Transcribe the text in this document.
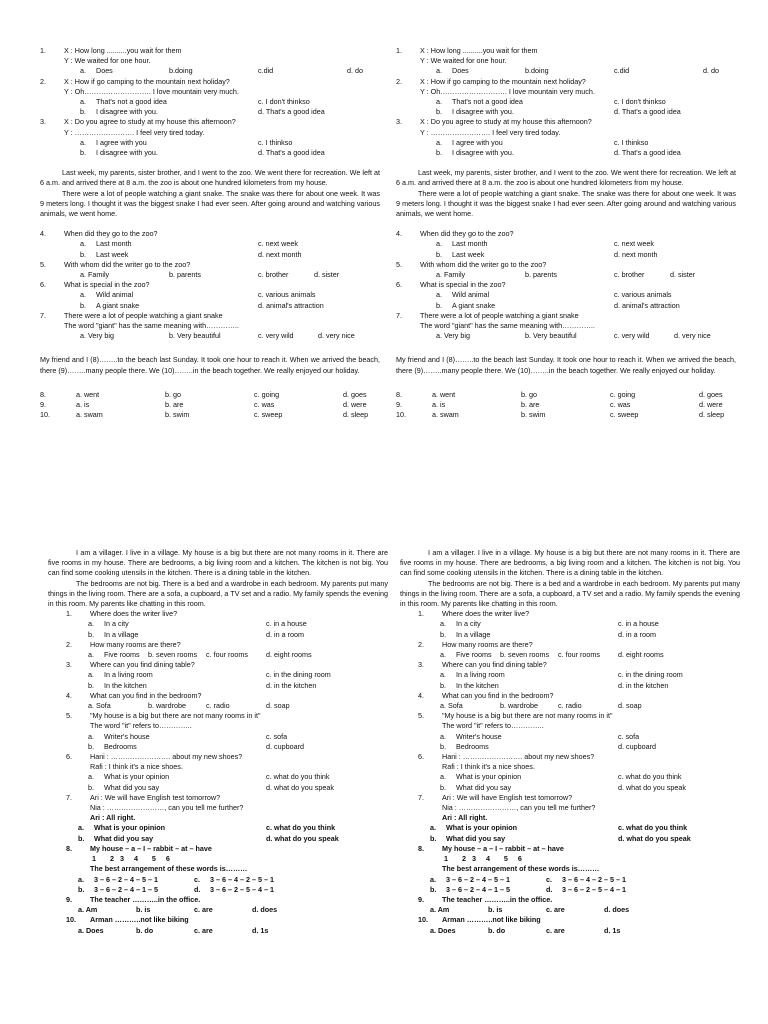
1.	X : How long ..........you wait for them
Y : We waited for one hour.
a.	Does	b.doing	c.did	d. do
2.	X : How if go camping to the mountain next holiday?
Y : Oh………………………. I love mountain very much.
a.	That's not a good idea	c. I don't thinkso
b.	I disagree with you.	d. That's a good idea
3.	X : Do you agree to study at my house this afternoon?
Y : ……………………. I feel very tired today.
a.	I agree with you	c. I thinkso
b.	I disagree with you.	d. That's a good idea
Last week, my parents, sister brother, and I went to the zoo. We went there for recreation. We left at 6 a.m. and arrived there at 8 a.m. the zoo is about one hundred kilometers from my house.
There were a lot of people watching a giant snake. The snake was there for about one week. It was 9 meters long. I thought it was the biggest snake I had ever seen. After going around and watching various animals, we went home.
4.	When did they go to the zoo?
a.	Last month	c. next week
b.	Last week	d. next month
5.	With whom did the writer go to the zoo?
a. Family	b. parents	c. brother	d. sister
6.	What is special in the zoo?
a.	Wild animal	c. various animals
b.	A giant snake	d. animal's attraction
7.	There were a lot of people watching a giant snake
The word "giant" has the same meaning with…………..
a. Very big	b. Very beautiful	c. very wild	d. very nice
My friend and I (8)……..to the beach last Sunday. It took one hour to reach it. When we arrived the beach, there (9)……..many people there. We (10)……..in the beach together. We really enjoyed our holiday.
8.	a. went	b. go	c. going	d. goes
9.	a. is	b. are	c. was	d. were
10.	a. swam	b. swim	c. sweep	d. sleep
1.	X : How long ..........you wait for them
Y : We waited for one hour.
a.	Does	b.doing	c.did	d. do
2.	X : How if go camping to the mountain next holiday?
Y : Oh………………………. I love mountain very much.
a.	That's not a good idea	c. I don't thinkso
b.	I disagree with you.	d. That's a good idea
3.	X : Do you agree to study at my house this afternoon?
Y : ……………………. I feel very tired today.
a.	I agree with you	c. I thinkso
b.	I disagree with you.	d. That's a good idea
Last week, my parents, sister brother, and I went to the zoo. We went there for recreation. We left at 6 a.m. and arrived there at 8 a.m. the zoo is about one hundred kilometers from my house.
There were a lot of people watching a giant snake. The snake was there for about one week. It was 9 meters long. I thought it was the biggest snake I had ever seen. After going around and watching various animals, we went home.
4.	When did they go to the zoo?
a.	Last month	c. next week
b.	Last week	d. next month
5.	With whom did the writer go to the zoo?
a. Family	b. parents	c. brother	d. sister
6.	What is special in the zoo?
a.	Wild animal	c. various animals
b.	A giant snake	d. animal's attraction
7.	There were a lot of people watching a giant snake
The word "giant" has the same meaning with…………..
a. Very big	b. Very beautiful	c. very wild	d. very nice
My friend and I (8)……..to the beach last Sunday. It took one hour to reach it. When we arrived the beach, there (9)……..many people there. We (10)……..in the beach together. We really enjoyed our holiday.
8.	a. went	b. go	c. going	d. goes
9.	a. is	b. are	c. was	d. were
10.	a. swam	b. swim	c. sweep	d. sleep
I am a villager. I live in a village. My house is a big but there are not many rooms in it. There are five rooms in my house. There are bedrooms, a big living room and a kitchen. The kitchen is not big. You can find some cooking utensils in the kitchen. There is a dining table in the kitchen.
The bedrooms are not big. There is a bed and a wardrobe in each bedroom. My parents put many things in the living room. There are a sofa, a cupboard, a TV set and a radio. My family spends the evening in this room. My parents like chatting in this room.
1.	Where does the writer live?
a.	In a city	c. in a house
b.	In a village	d. in a room
2.	How many rooms are there?
a.	Five rooms b. seven rooms	c. four rooms	d. eight rooms
3.	Where can you find dining table?
a.	In a living room	c. in the dining room
b.	In the kitchen	d. in the kitchen
4.	What can you find in the bedroom?
a. Sofa	b. wardrobe	c. radio	d. soap
5.	"My house is a big but there are not many rooms in it"
The word "it" refers to…………..
a.	Writer's house	c. sofa
b.	Bedrooms	d. cupboard
6.	Hani : ……………………. about my new shoes?
Rafi : I think it's a nice shoes.
a.	What is your opinion	c. what do you think
b.	What did you say	d. what do you speak
7.	Ari : We will have English test tomorrow?
Nia : ……………………, can you tell me further?
Ari : All right.
a.	What is your opinion	c. what do you think
b.	What did you say	d. what do you speak
8.	My house – a – I – rabbit – at – have
1       2   3     4       5     6
The best arrangement of these words is………
a.	3 – 6 – 2 – 4 – 5 – 1	c.	3 – 6 – 4 – 2 – 5 – 1
b.	3 – 6 – 2 – 4 – 1 – 5	d.	3 – 6 – 2 – 5 – 4 – 1
9.	The teacher ………..in the office.
a. Am	b. is	c. are	d. does
10.	Arman ………..not like biking
a. Does	b. do	c. are	d. 1s
I am a villager. I live in a village. My house is a big but there are not many rooms in it. There are five rooms in my house. There are bedrooms, a big living room and a kitchen. The kitchen is not big. You can find some cooking utensils in the kitchen. There is a dining table in the kitchen.
The bedrooms are not big. There is a bed and a wardrobe in each bedroom. My parents put many things in the living room. There are a sofa, a cupboard, a TV set and a radio. My family spends the evening in this room. My parents like chatting in this room.
1.	Where does the writer live?
a.	In a city	c. in a house
b.	In a village	d. in a room
2.	How many rooms are there?
a.	Five rooms b. seven rooms	c. four rooms	d. eight rooms
3.	Where can you find dining table?
a.	In a living room	c. in the dining room
b.	In the kitchen	d. in the kitchen
4.	What can you find in the bedroom?
a. Sofa	b. wardrobe	c. radio	d. soap
5.	"My house is a big but there are not many rooms in it"
The word "it" refers to…………..
a.	Writer's house	c. sofa
b.	Bedrooms	d. cupboard
6.	Hani : ……………………. about my new shoes?
Rafi : I think it's a nice shoes.
a.	What is your opinion	c. what do you think
b.	What did you say	d. what do you speak
7.	Ari : We will have English test tomorrow?
Nia : ……………………, can you tell me further?
Ari : All right.
a.	What is your opinion	c. what do you think
b.	What did you say	d. what do you speak
8.	My house – a – I – rabbit – at – have
1       2   3     4       5     6
The best arrangement of these words is………
a.	3 – 6 – 2 – 4 – 5 – 1	c.	3 – 6 – 4 – 2 – 5 – 1
b.	3 – 6 – 2 – 4 – 1 – 5	d.	3 – 6 – 2 – 5 – 4 – 1
9.	The teacher ………..in the office.
a. Am	b. is	c. are	d. does
10.	Arman ………..not like biking
a. Does	b. do	c. are	d. 1s
